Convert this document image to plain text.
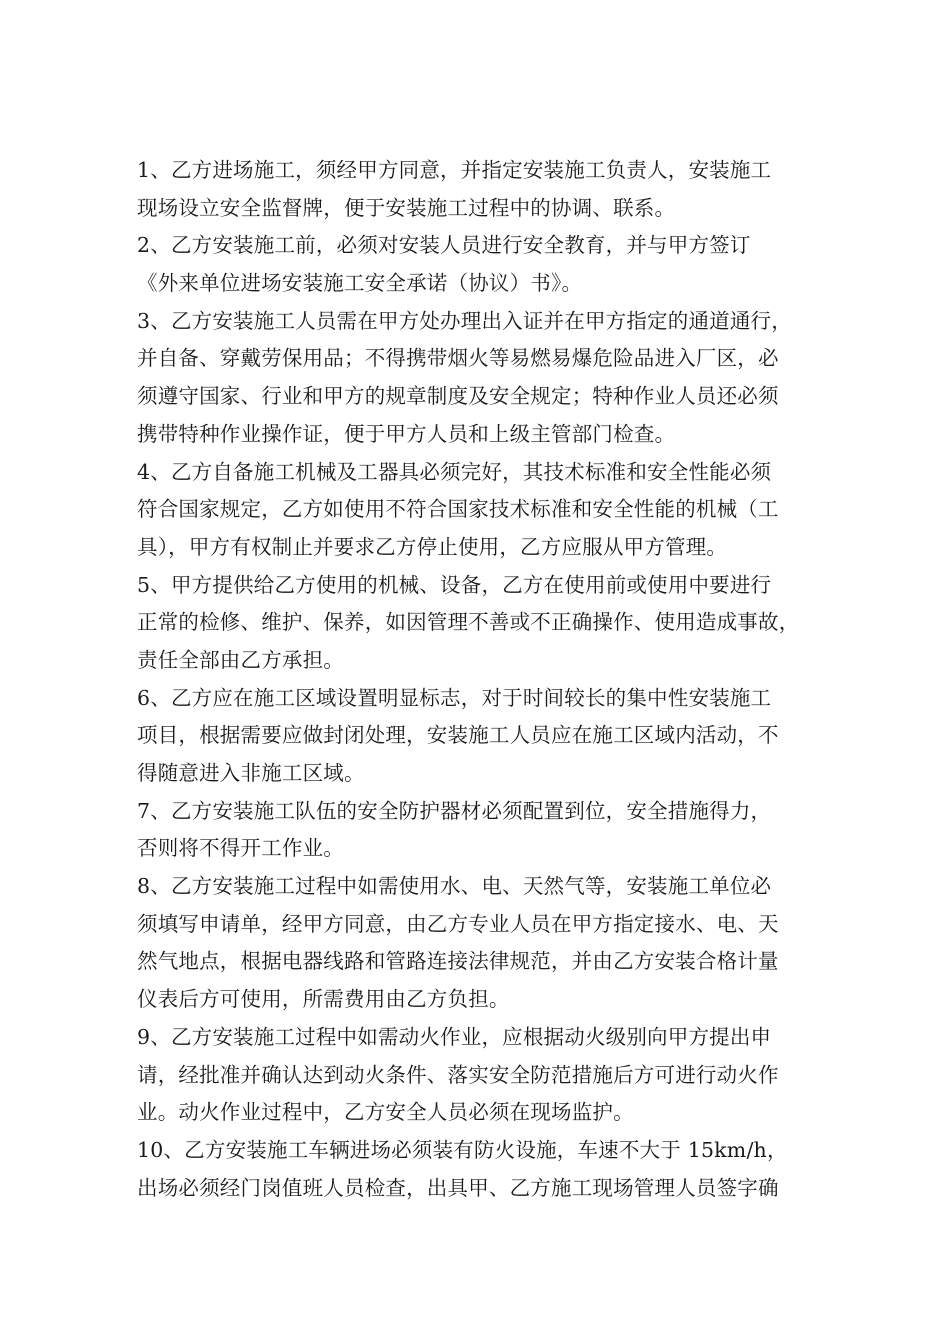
1、乙方进场施工，须经甲方同意，并指定安装施工负责人，安装施工
现场设立安全监督牌，便于安装施工过程中的协调、联系。
2、乙方安装施工前，必须对安装人员进行安全教育，并与甲方签订
《外来单位进场安装施工安全承诺（协议）书》。
3、乙方安装施工人员需在甲方处办理出入证并在甲方指定的通道通行，
并自备、穿戴劳保用品；不得携带烟火等易燃易爆危险品进入厂区，必
须遵守国家、行业和甲方的规章制度及安全规定；特种作业人员还必须
携带特种作业操作证，便于甲方人员和上级主管部门检查。
4、乙方自备施工机械及工器具必须完好，其技术标准和安全性能必须
符合国家规定，乙方如使用不符合国家技术标准和安全性能的机械（工
具），甲方有权制止并要求乙方停止使用，乙方应服从甲方管理。
5、甲方提供给乙方使用的机械、设备，乙方在使用前或使用中要进行
正常的检修、维护、保养，如因管理不善或不正确操作、使用造成事故，
责任全部由乙方承担。
6、乙方应在施工区域设置明显标志，对于时间较长的集中性安装施工
项目，根据需要应做封闭处理，安装施工人员应在施工区域内活动，不
得随意进入非施工区域。
7、乙方安装施工队伍的安全防护器材必须配置到位，安全措施得力，
否则将不得开工作业。
8、乙方安装施工过程中如需使用水、电、天然气等，安装施工单位必
须填写申请单，经甲方同意，由乙方专业人员在甲方指定接水、电、天
然气地点，根据电器线路和管路连接法律规范，并由乙方安装合格计量
仪表后方可使用，所需费用由乙方负担。
9、乙方安装施工过程中如需动火作业，应根据动火级别向甲方提出申
请，经批准并确认达到动火条件、落实安全防范措施后方可进行动火作
业。动火作业过程中，乙方安全人员必须在现场监护。
10、乙方安装施工车辆进场必须装有防火设施，车速不大于 15km/h，
出场必须经门岗值班人员检查，出具甲、乙方施工现场管理人员签字确
